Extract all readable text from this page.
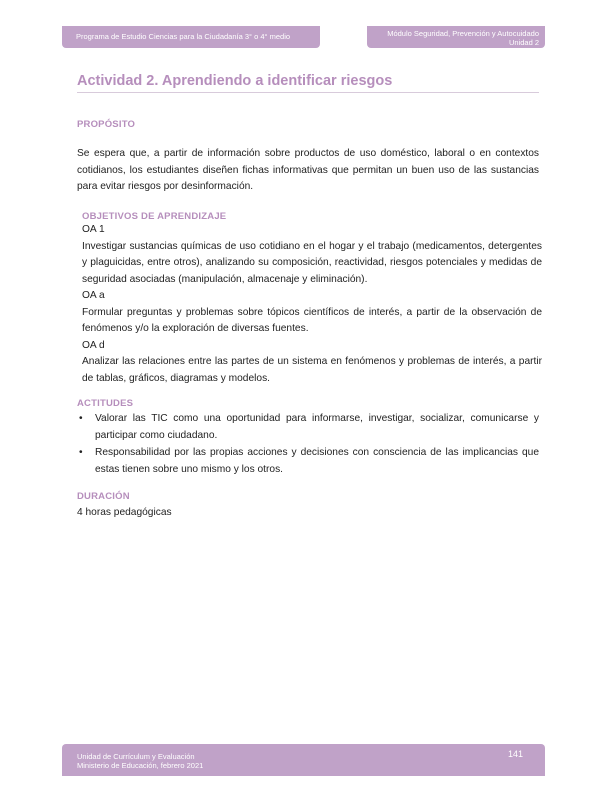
Programa de Estudio Ciencias para la Ciudadanía 3° o 4° medio	Módulo Seguridad, Prevención y Autocuidado
Unidad 2
Actividad 2. Aprendiendo a identificar riesgos
PROPÓSITO
Se espera que, a partir de información sobre productos de uso doméstico, laboral o en contextos cotidianos, los estudiantes diseñen fichas informativas que permitan un buen uso de las sustancias para evitar riesgos por desinformación.
OBJETIVOS DE APRENDIZAJE
OA 1
Investigar sustancias químicas de uso cotidiano en el hogar y el trabajo (medicamentos, detergentes y plaguicidas, entre otros), analizando su composición, reactividad, riesgos potenciales y medidas de seguridad asociadas (manipulación, almacenaje y eliminación).
OA a
Formular preguntas y problemas sobre tópicos científicos de interés, a partir de la observación de fenómenos y/o la exploración de diversas fuentes.
OA d
Analizar las relaciones entre las partes de un sistema en fenómenos y problemas de interés, a partir de tablas, gráficos, diagramas y modelos.
ACTITUDES
• Valorar las TIC como una oportunidad para informarse, investigar, socializar, comunicarse y participar como ciudadano.
• Responsabilidad por las propias acciones y decisiones con consciencia de las implicancias que estas tienen sobre uno mismo y los otros.
DURACIÓN
4 horas pedagógicas
Unidad de Currículum y Evaluación
Ministerio de Educación, febrero 2021
141
